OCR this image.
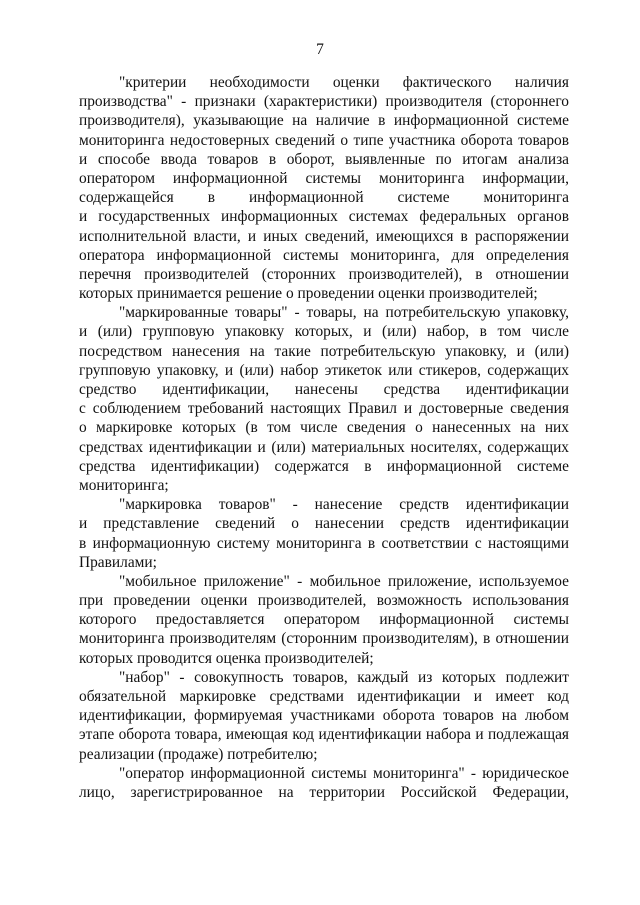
7
"критерии необходимости оценки фактического наличия
производства" - признаки (характеристики) производителя (стороннего
производителя), указывающие на наличие в информационной системе
мониторинга недостоверных сведений о типе участника оборота товаров
и способе ввода товаров в оборот, выявленные по итогам анализа
оператором информационной системы мониторинга информации,
содержащейся в информационной системе мониторинга
и государственных информационных системах федеральных органов
исполнительной власти, и иных сведений, имеющихся в распоряжении
оператора информационной системы мониторинга, для определения
перечня производителей (сторонних производителей), в отношении
которых принимается решение о проведении оценки производителей;
"маркированные товары" - товары, на потребительскую упаковку,
и (или) групповую упаковку которых, и (или) набор, в том числе
посредством нанесения на такие потребительскую упаковку, и (или)
групповую упаковку, и (или) набор этикеток или стикеров, содержащих
средство идентификации, нанесены средства идентификации
с соблюдением требований настоящих Правил и достоверные сведения
о маркировке которых (в том числе сведения о нанесенных на них
средствах идентификации и (или) материальных носителях, содержащих
средства идентификации) содержатся в информационной системе
мониторинга;
"маркировка товаров" - нанесение средств идентификации
и представление сведений о нанесении средств идентификации
в информационную систему мониторинга в соответствии с настоящими
Правилами;
"мобильное приложение" - мобильное приложение, используемое
при проведении оценки производителей, возможность использования
которого предоставляется оператором информационной системы
мониторинга производителям (сторонним производителям), в отношении
которых проводится оценка производителей;
"набор" - совокупность товаров, каждый из которых подлежит
обязательной маркировке средствами идентификации и имеет код
идентификации, формируемая участниками оборота товаров на любом
этапе оборота товара, имеющая код идентификации набора и подлежащая
реализации (продаже) потребителю;
"оператор информационной системы мониторинга" - юридическое
лицо, зарегистрированное на территории Российской Федерации,
